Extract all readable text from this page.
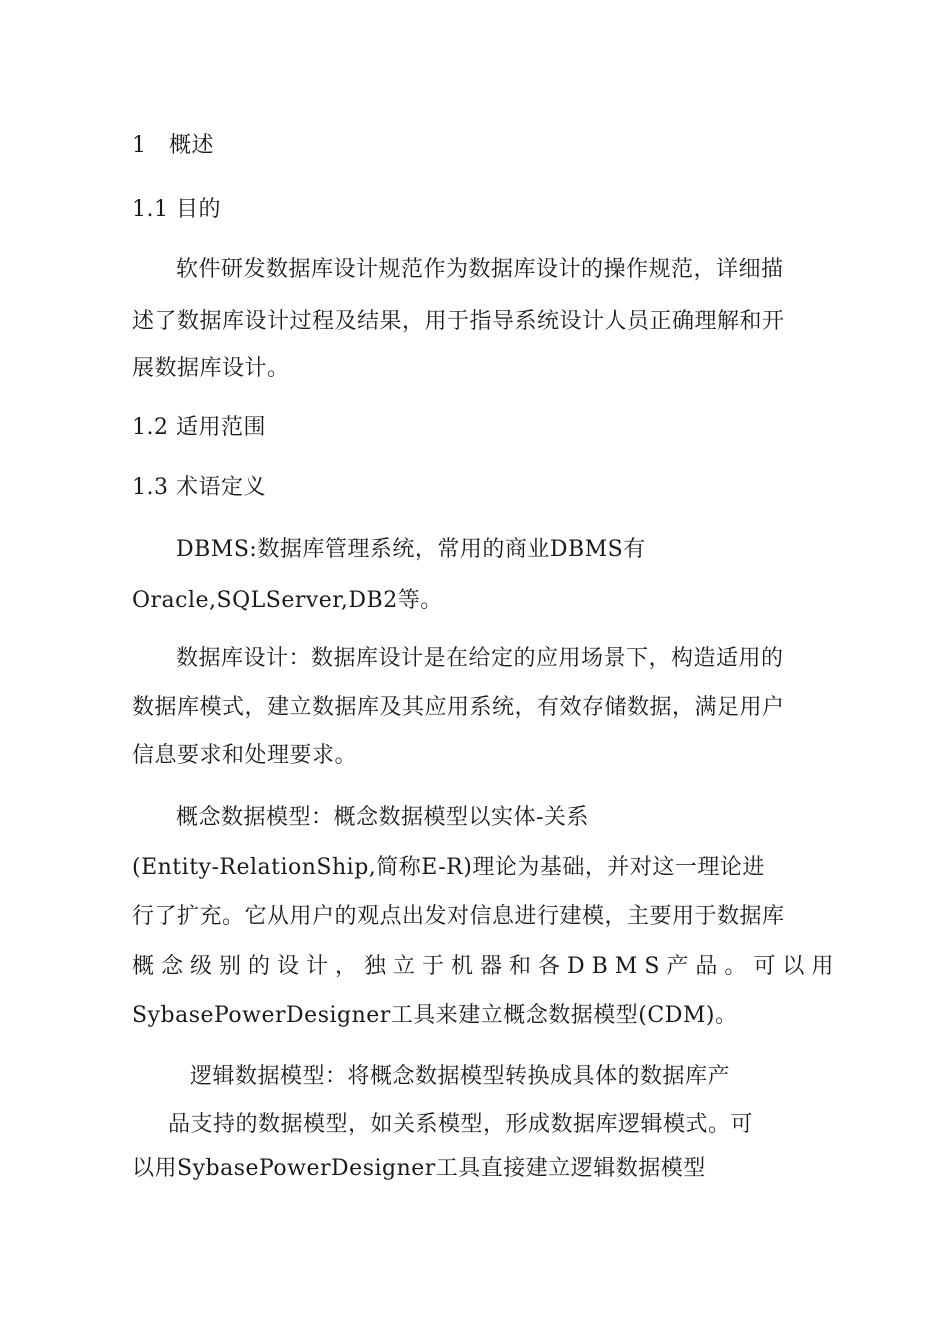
1　概述
1.1 目的
软件研发数据库设计规范作为数据库设计的操作规范，详细描
述了数据库设计过程及结果，用于指导系统设计人员正确理解和开
展数据库设计。
1.2 适用范围
1.3 术语定义
DBMS:数据库管理系统，常用的商业DBMS有
Oracle,SQLServer,DB2等。
数据库设计：数据库设计是在给定的应用场景下，构造适用的
数据库模式，建立数据库及其应用系统，有效存储数据，满足用户
信息要求和处理要求。
概念数据模型：概念数据模型以实体-关系
(Entity-RelationShip,简称E-R)理论为基础，并对这一理论进
行了扩充。它从用户的观点出发对信息进行建模，主要用于数据库
概念级别的设计，独立于机器和各DBMS产品。可以用
SybasePowerDesigner工具来建立概念数据模型(CDM)。
逻辑数据模型：将概念数据模型转换成具体的数据库产
品支持的数据模型，如关系模型，形成数据库逻辑模式。可
以用SybasePowerDesigner工具直接建立逻辑数据模型
